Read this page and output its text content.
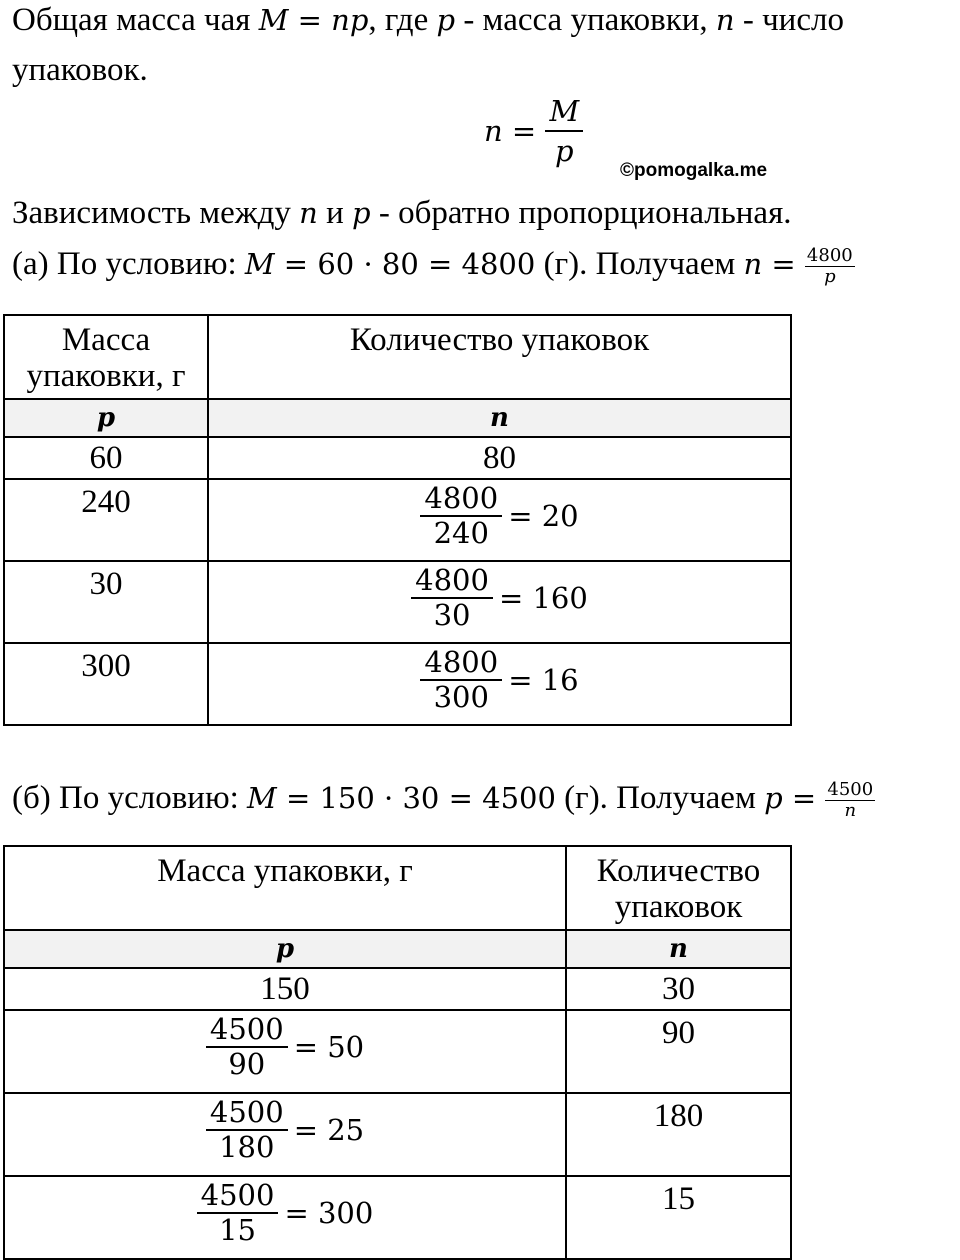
Общая масса чая M = np, где p - масса упаковки, n - число
упаковок.
$n = \frac{M}{p}$
©pomogalka.me
Зависимость между n и p - обратно пропорциональная.
(а) По условию: M = 60 · 80 = 4800 (г). Получаем $n = \frac{4800}{p}$
Масса упаковки, г	Количество упаковок
p	n
60	80
240	$\frac{4800}{240} = 20$

30	$\frac{4800}{30} = 160$

300	$\frac{4800}{300} = 16$
(б) По условию: M = 150 · 30 = 4500 (г). Получаем $p = \frac{4500}{n}$
Масса упаковки, г	Количество упаковок
p	n
150	30

$\frac{4500}{90} = 50$	90

$\frac{4500}{180} = 25$	180

$\frac{4500}{15} = 300$	15
